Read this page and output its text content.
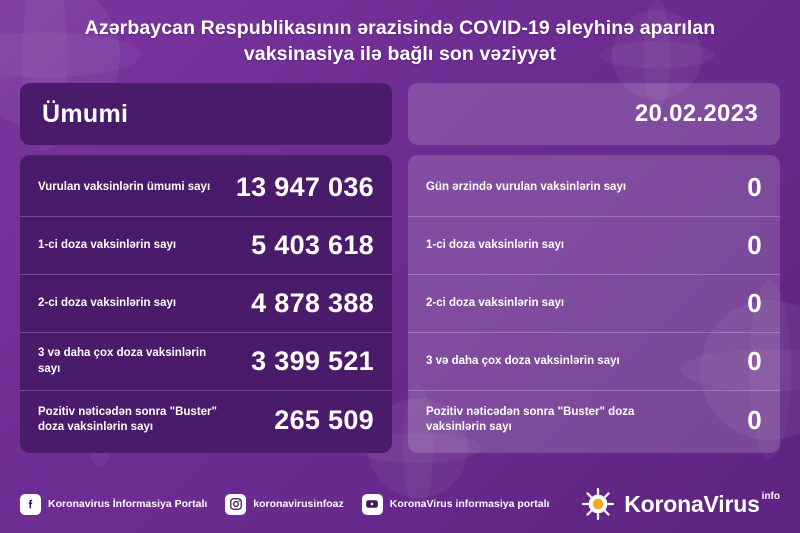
Azərbaycan Respublikasının ərazisində COVID-19 əleyhinə aparılan vaksinasiya ilə bağlı son vəziyyət
Ümumi
Vurulan vaksinlərin ümumi sayı 13 947 036
1-ci doza vaksinlərin sayı	5 403 618
2-ci doza vaksinlərin sayı	4 878 388
3 və daha çox doza vaksinlərin sayı	3 399 521
Pozitiv nəticədən sonra "Buster" doza vaksinlərin sayı	265 509
20.02.2023
Gün ərzində vurulan vaksinlərin sayı	0
1-ci doza vaksinlərin sayı	0
2-ci doza vaksinlərin sayı	0
3 və daha çox doza vaksinlərin sayı	0
Pozitiv nəticədən sonra "Buster" doza vaksinlərin sayı	0
Koronavirus İnformasiya Portalı	koronavirusinfoaz	KoronaVirus informasiya portalı	KoronaVirus info
